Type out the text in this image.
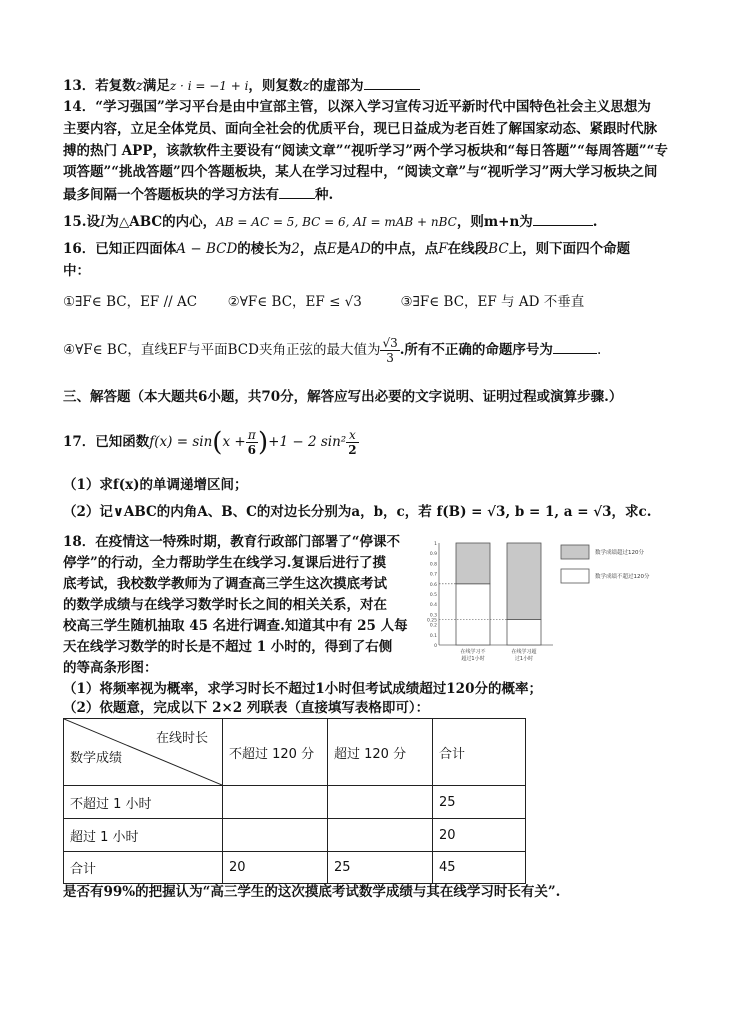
13．若复数z满足z · i = −1 + i，则复数z的虚部为
14．“学习强国”学习平台是由中宣部主管，以深入学习宣传习近平新时代中国特色社会主义思想为
主要内容，立足全体党员、面向全社会的优质平台，现已日益成为老百姓了解国家动态、紧跟时代脉
搏的热门 APP，该款软件主要设有“阅读文章”“视听学习”两个学习板块和“每日答题”“每周答题”“专
项答题”“挑战答题”四个答题板块，某人在学习过程中，“阅读文章”与“视听学习”两大学习板块之间
最多间隔一个答题板块的学习方法有	种.
15.设I为△ABC的内心，AB = AC = 5, BC = 6, AI = mAB + nBC，则m+n为	.
16．已知正四面体A − BCD的棱长为2，点E是AD的中点，点F在线段BC上，则下面四个命题
中：
①∃F∈ BC，EF // AC ②∀F∈ BC，EF ≤ √3	③∃F∈ BC，EF 与 AD 不垂直
④∀F∈ BC，直线EF与平面BCD夹角正弦的最大值为 $\frac{√3}{3}$ .所有不正确的命题序号为	.
三、解答题（本大题共6小题，共70分，解答应写出必要的文字说明、证明过程或演算步骤.）
17．已知函数$f(x) = \sin(x + \frac{\pi}{6} )+1 - 2$ $\sin^2 \frac{x}{2}$
（1）求f(x)的单调递增区间；
（2）记∨ABC的内角A、B、C的对边长分别为a，b，c，若 f(B) = √3, b = 1, a = √3，求c.
18．在疫情这一特殊时期，教育行政部门部署了“停课不
停学”的行动，全力帮助学生在线学习.复课后进行了摸
底考试，我校数学教师为了调查高三学生这次摸底考试
的数学成绩与在线学习数学时长之间的相关关系，对在
校高三学生随机抽取 45 名进行调查.知道其中有 25 人每
天在线学习数学的时长是不超过 1 小时的，得到了右侧
的等高条形图：
（1）将频率视为概率，求学习时长不超过1小时但考试成绩超过120分的概率；
（2）依题意，完成以下 2×2 列联表（直接填写表格即可）：
0
0.1
0.2
0.25
0.3
0.4
0.5
0.6
0.7
0.8
0.9
1
在线学习不
超过1小时
在线学习超
过1小时
数学成绩超过120分
数学成绩不超过120分
在线时长
数学成绩	不超过 120 分	超过 120 分	合计
不超过 1 小时			25
超过 1 小时			20
合计	20	25	45
是否有99%的把握认为“高三学生的这次摸底考试数学成绩与其在线学习时长有关”.
